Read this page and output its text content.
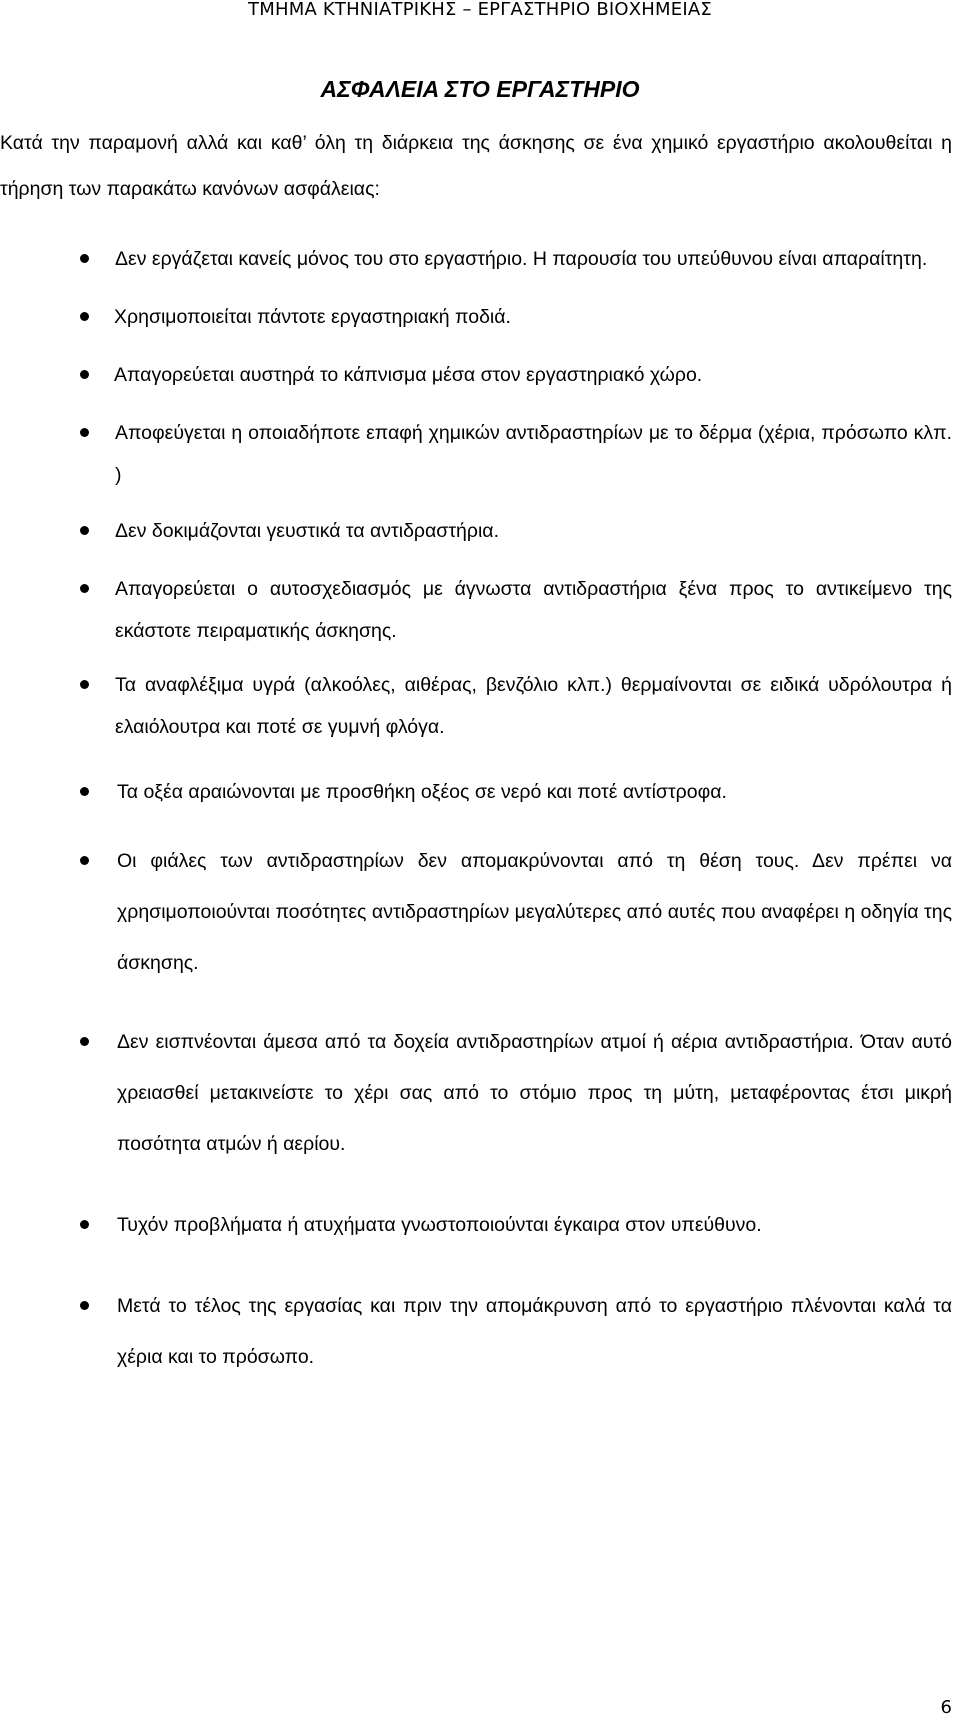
ΤΜΗΜΑ ΚΤΗΝΙΑΤΡΙΚΗΣ – ΕΡΓΑΣΤΗΡΙΟ ΒΙΟΧΗΜΕΙΑΣ
ΑΣΦΑΛΕΙΑ ΣΤΟ ΕΡΓΑΣΤΗΡΙΟ

Κατά την παραμονή αλλά και καθ’ όλη τη διάρκεια της άσκησης σε ένα χημικό εργαστήριο ακολουθείται η τήρηση των παρακάτω κανόνων ασφάλειας:

Δεν εργάζεται κανείς μόνος του στο εργαστήριο. Η παρουσία του υπεύθυνου είναι απαραίτητη.
Χρησιμοποιείται πάντοτε εργαστηριακή ποδιά.
Απαγορεύεται αυστηρά το κάπνισμα μέσα στον εργαστηριακό χώρο.
Αποφεύγεται η οποιαδήποτε επαφή χημικών αντιδραστηρίων με το δέρμα (χέρια, πρόσωπο κλπ. )
Δεν δοκιμάζονται γευστικά τα αντιδραστήρια.
Απαγορεύεται ο αυτοσχεδιασμός με άγνωστα αντιδραστήρια ξένα προς το αντικείμενο της εκάστοτε πειραματικής άσκησης.
Τα αναφλέξιμα υγρά (αλκοόλες, αιθέρας, βενζόλιο κλπ.) θερμαίνονται σε ειδικά υδρόλουτρα ή ελαιόλουτρα και ποτέ σε γυμνή φλόγα.
Τα οξέα αραιώνονται με προσθήκη οξέος σε νερό και ποτέ αντίστροφα.
Οι φιάλες των αντιδραστηρίων δεν απομακρύνονται από τη θέση τους. Δεν πρέπει να χρησιμοποιούνται ποσότητες αντιδραστηρίων μεγαλύτερες από αυτές που αναφέρει η οδηγία της άσκησης.
Δεν εισπνέονται άμεσα από τα δοχεία αντιδραστηρίων ατμοί ή αέρια αντιδραστήρια. Όταν αυτό χρειασθεί μετακινείστε το χέρι σας από το στόμιο προς τη μύτη, μεταφέροντας έτσι μικρή ποσότητα ατμών ή αερίου.
Τυχόν προβλήματα ή ατυχήματα γνωστοποιούνται έγκαιρα στον υπεύθυνο.
Μετά το τέλος της εργασίας και πριν την απομάκρυνση από το εργαστήριο πλένονται καλά τα χέρια και το πρόσωπο.
6
